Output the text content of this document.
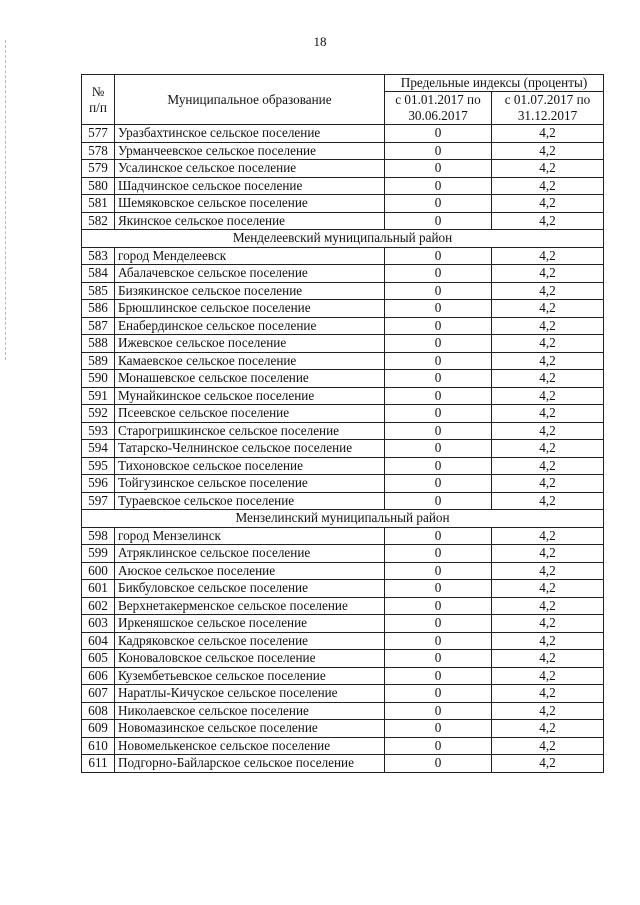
18
№ п/п	Муниципальное образование	Предельные индексы (проценты)	
		с 01.01.2017 по 30.06.2017	с 01.07.2017 по 31.12.2017
577	Уразбахтинское сельское поселение	0	4,2
578	Урманчеевское сельское поселение	0	4,2
579	Усалинское сельское поселение	0	4,2
580	Шадчинское сельское поселение	0	4,2
581	Шемяковское сельское поселение	0	4,2
582	Якинское сельское поселение	0	4,2
Менделеевский муниципальный район			
583	город Менделеевск	0	4,2
584	Абалачевское сельское поселение	0	4,2
585	Бизякинское сельское поселение	0	4,2
586	Брюшлинское сельское поселение	0	4,2
587	Енабердинское сельское поселение	0	4,2
588	Ижевское сельское поселение	0	4,2
589	Камаевское сельское поселение	0	4,2
590	Монашевское сельское поселение	0	4,2
591	Мунайкинское сельское поселение	0	4,2
592	Псеевское сельское поселение	0	4,2
593	Старогришкинское сельское поселение	0	4,2
594	Татарско-Челнинское сельское поселение	0	4,2
595	Тихоновское сельское поселение	0	4,2
596	Тойгузинское сельское поселение	0	4,2
597	Тураевское сельское поселение	0	4,2
Мензелинский муниципальный район			
598	город Мензелинск	0	4,2
599	Атряклинское сельское поселение	0	4,2
600	Аюское сельское поселение	0	4,2
601	Бикбуловское сельское поселение	0	4,2
602	Верхнетакерменское сельское поселение	0	4,2
603	Иркеняшское сельское поселение	0	4,2
604	Кадряковское сельское поселение	0	4,2
605	Коноваловское сельское поселение	0	4,2
606	Кузембетьевское сельское поселение	0	4,2
607	Наратлы-Кичуское сельское поселение	0	4,2
608	Николаевское сельское поселение	0	4,2
609	Новомазинское сельское поселение	0	4,2
610	Новомелькенское сельское поселение	0	4,2
611	Подгорно-Байларское сельское поселение	0	4,2
